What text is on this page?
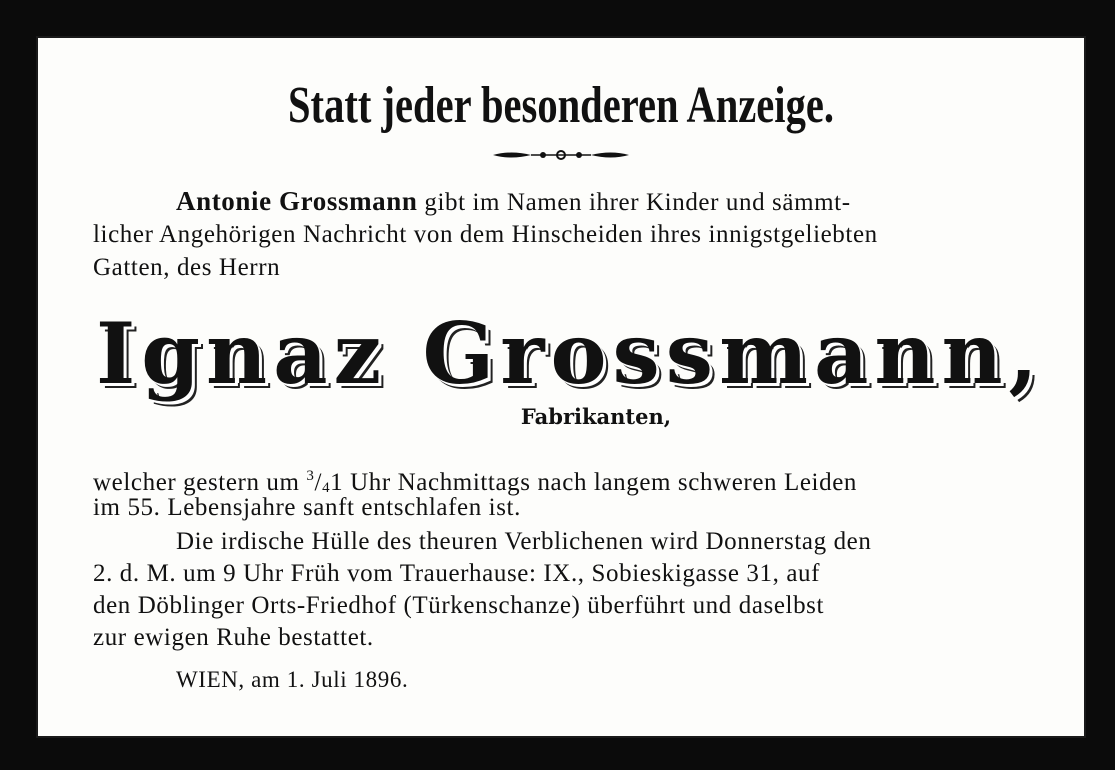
Statt jeder besonderen Anzeige.
Antonie Grossmann gibt im Namen ihrer Kinder und sämmt-
licher Angehörigen Nachricht von dem Hinscheiden ihres innigstgeliebten
Gatten, des Herrn
Ignaz Grossmann,
Fabrikanten,
welcher gestern um $^3/_41$ Uhr Nachmittags nach langem schweren Leiden
im 55. Lebensjahre sanft entschlafen ist.
Die irdische Hülle des theuren Verblichenen wird Donnerstag den
2. d. M. um 9 Uhr Früh vom Trauerhause: IX., Sobieskigasse 31, auf
den Döblinger Orts-Friedhof (Türkenschanze) überführt und daselbst
zur ewigen Ruhe bestattet.
WIEN, am 1. Juli 1896.
